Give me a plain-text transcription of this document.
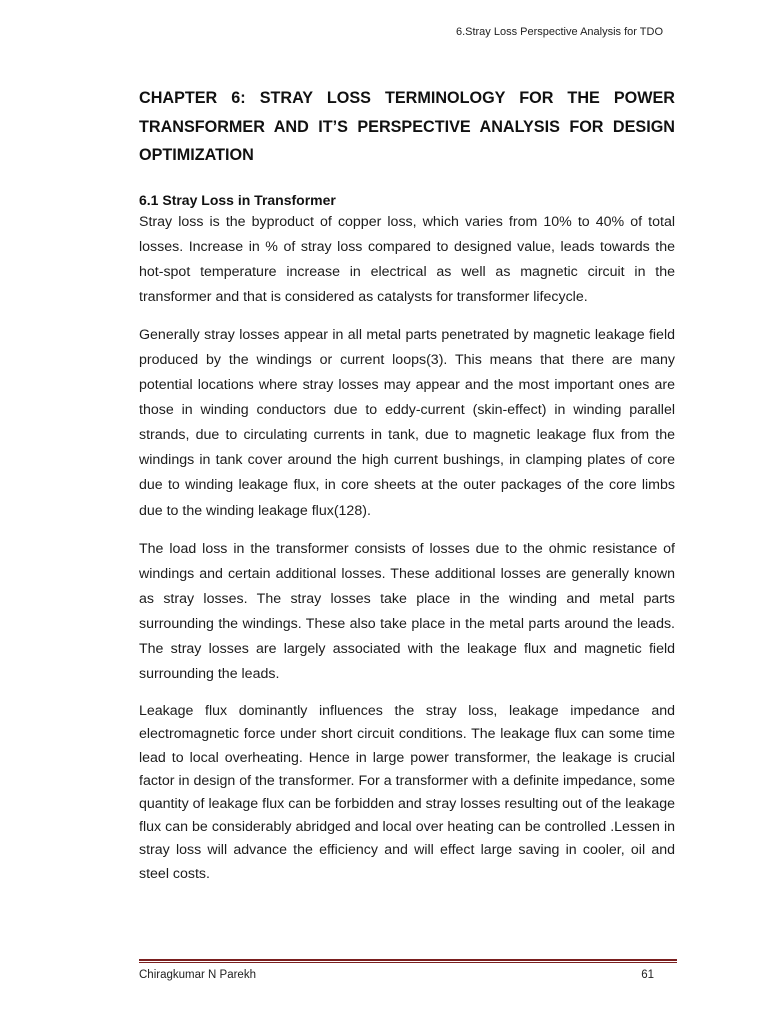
6.Stray Loss Perspective Analysis for TDO
CHAPTER 6: STRAY LOSS TERMINOLOGY FOR THE POWER TRANSFORMER AND IT’S PERSPECTIVE ANALYSIS FOR DESIGN OPTIMIZATION
6.1 Stray Loss in Transformer

Stray loss is the byproduct of copper loss, which varies from 10% to 40% of total losses. Increase in % of stray loss compared to designed value, leads towards the hot-spot temperature increase in electrical as well as magnetic circuit in the transformer and that is considered as catalysts for transformer lifecycle.

Generally stray losses appear in all metal parts penetrated by magnetic leakage field produced by the windings or current loops(3). This means that there are many potential locations where stray losses may appear and the most important ones are those in winding conductors due to eddy-current (skin-effect) in winding parallel strands, due to circulating currents in tank, due to magnetic leakage flux from the windings in tank cover around the high current bushings, in clamping plates of core due to winding leakage flux, in core sheets at the outer packages of the core limbs due to the winding leakage flux(128).

The load loss in the transformer consists of losses due to the ohmic resistance of windings and certain additional losses. These additional losses are generally known as stray losses. The stray losses take place in the winding and metal parts surrounding the windings. These also take place in the metal parts around the leads. The stray losses are largely associated with the leakage flux and magnetic field surrounding the leads.

Leakage flux dominantly influences the stray loss, leakage impedance and electromagnetic force under short circuit conditions. The leakage flux can some time lead to local overheating. Hence in large power transformer, the leakage is crucial factor in design of the transformer. For a transformer with a definite impedance, some quantity of leakage flux can be forbidden and stray losses resulting out of the leakage flux can be considerably abridged and local over heating can be controlled .Lessen in stray loss will advance the efficiency and will effect large saving in cooler, oil and steel costs.

Chiragkumar N Parekh	61
